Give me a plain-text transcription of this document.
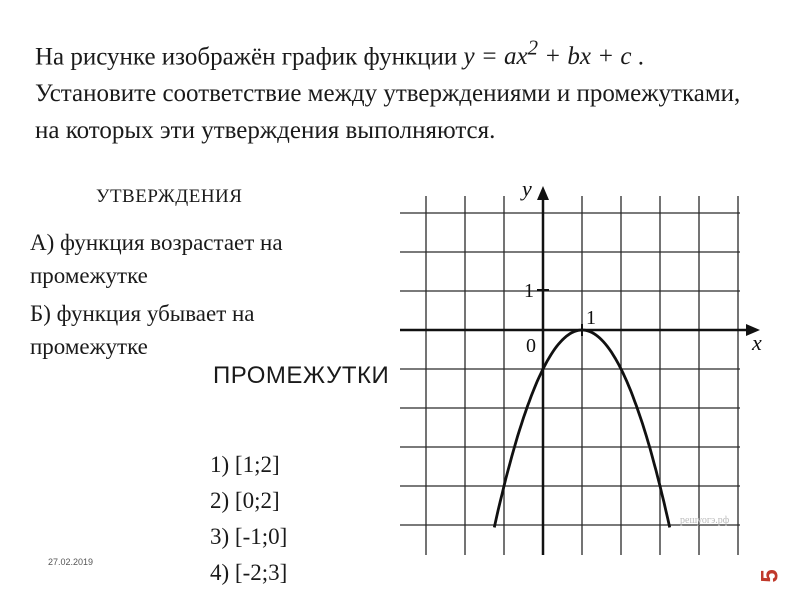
На рисунке изображён график функции $y = ax^2$ + bx + c . Установите соответствие между утверждениями и промежутками, на которых эти утверждения выполняются.

УТВЕРЖДЕНИЯ
А) функция возрастает на промежутке
Б) функция убывает на промежутке
y
x
1
1
0
решуогэ.рф
ПРОМЕЖУТКИ
1) [1;2]
2) [0;2]
3) [-1;0]
4) [-2;3]
27.02.2019
5
